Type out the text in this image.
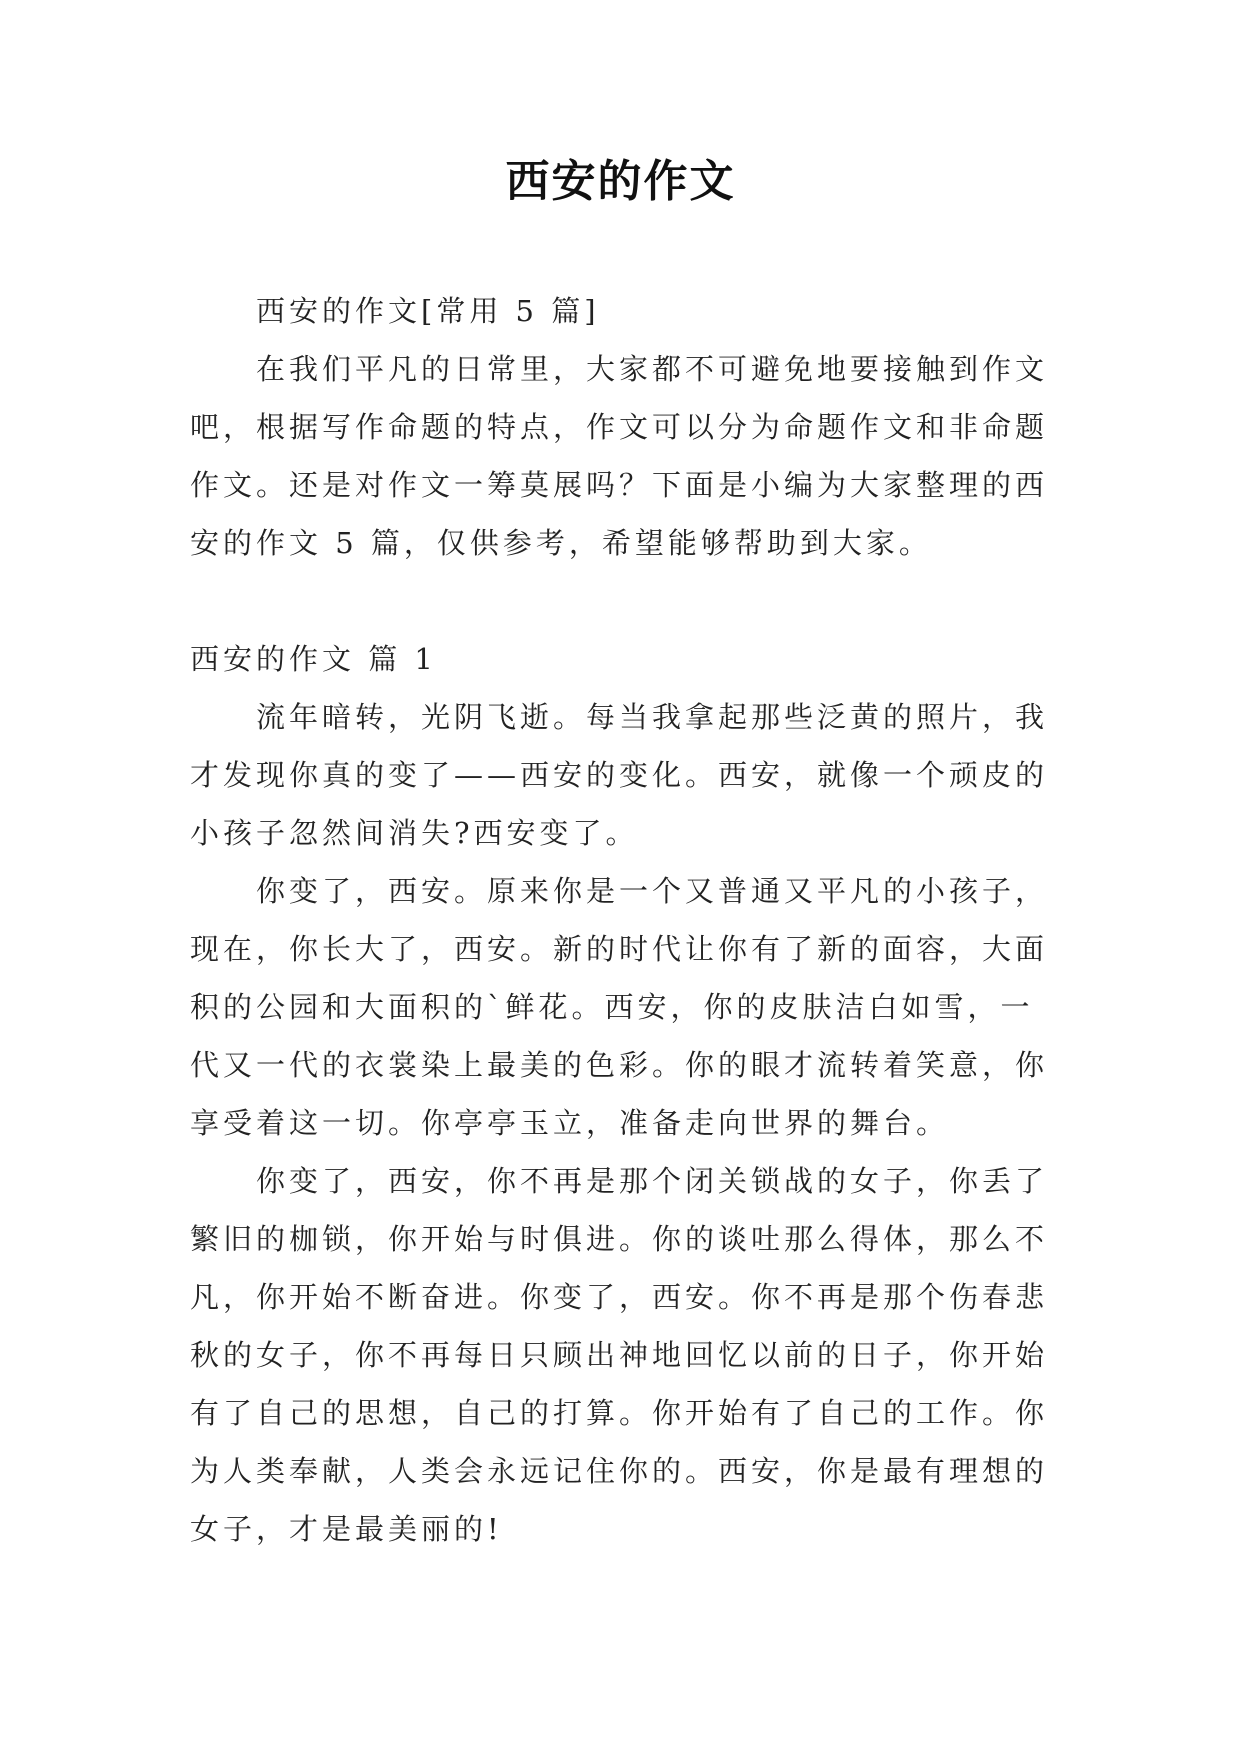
西安的作文

西安的作文[常用 5 篇]

在我们平凡的日常里，大家都不可避免地要接触到作文吧，根据写作命题的特点，作文可以分为命题作文和非命题作文。还是对作文一筹莫展吗？下面是小编为大家整理的西安的作文 5 篇，仅供参考，希望能够帮助到大家。

西安的作文 篇 1

流年暗转，光阴飞逝。每当我拿起那些泛黄的照片，我才发现你真的变了——西安的变化。西安，就像一个顽皮的小孩子忽然间消失?西安变了。

你变了，西安。原来你是一个又普通又平凡的小孩子，现在，你长大了，西安。新的时代让你有了新的面容，大面积的公园和大面积的`鲜花。西安，你的皮肤洁白如雪，一代又一代的衣裳染上最美的色彩。你的眼才流转着笑意，你享受着这一切。你亭亭玉立，准备走向世界的舞台。

你变了，西安，你不再是那个闭关锁战的女子，你丢了繁旧的枷锁，你开始与时俱进。你的谈吐那么得体，那么不凡，你开始不断奋进。你变了，西安。你不再是那个伤春悲秋的女子，你不再每日只顾出神地回忆以前的日子，你开始有了自己的思想，自己的打算。你开始有了自己的工作。你为人类奉献，人类会永远记住你的。西安，你是最有理想的女子，才是最美丽的!
